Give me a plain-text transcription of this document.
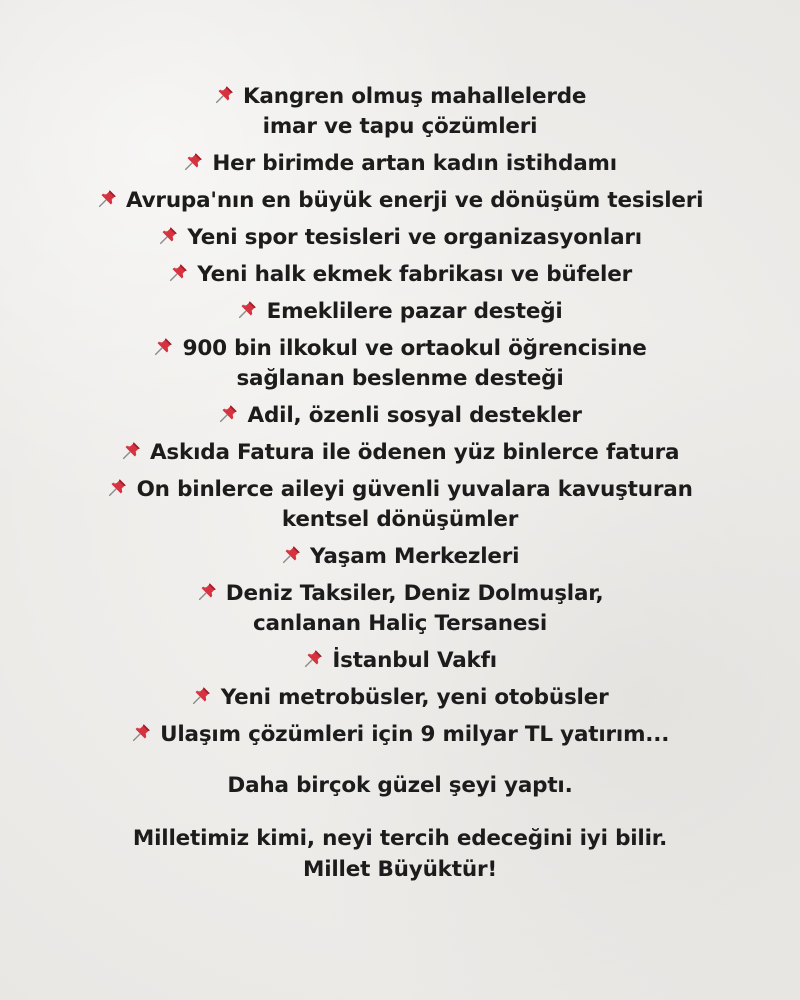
Kangren olmuş mahallelerde
imar ve tapu çözümleri
Her birimde artan kadın istihdamı
Avrupa'nın en büyük enerji ve dönüşüm tesisleri
Yeni spor tesisleri ve organizasyonları
Yeni halk ekmek fabrikası ve büfeler
Emeklilere pazar desteği
900 bin ilkokul ve ortaokul öğrencisine
sağlanan beslenme desteği
Adil, özenli sosyal destekler
Askıda Fatura ile ödenen yüz binlerce fatura
On binlerce aileyi güvenli yuvalara kavuşturan
kentsel dönüşümler
Yaşam Merkezleri
Deniz Taksiler, Deniz Dolmuşlar,
canlanan Haliç Tersanesi
İstanbul Vakfı
Yeni metrobüsler, yeni otobüsler
Ulaşım çözümleri için 9 milyar TL yatırım...
Daha birçok güzel şeyi yaptı.
Milletimiz kimi, neyi tercih edeceğini iyi bilir.
Millet Büyüktür!
